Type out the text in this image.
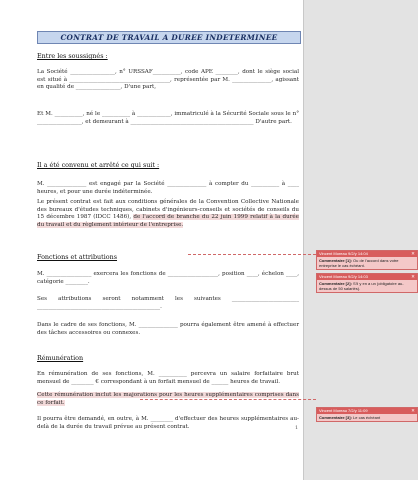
CONTRAT DE TRAVAIL A DUREE INDETERMINEE

Entre les soussignés :

La Société ________________, n° URSSAF__________, code APE ________, dont le siège social est situé à ____________________________________, représentée par M. ______________, agissant en qualité de ________________, D'une part,

Et M. __________, né le __________ à ____________, immatriculé à la Sécurité Sociale sous le n° ________________, et demeurant à ____________________________________________ D'autre part.

Il a été convenu et arrêté ce qui suit :

M. ______________ est engagé par la Société ______________ à compter du __________ à ____ heures, et pour une durée indéterminée.

Le présent contrat est fait aux conditions générales de la Convention Collective Nationale des bureaux d'études techniques, cabinets d'ingénieurs-conseils et sociétés de conseils du 15 décembre 1987 (IDCC 1486), de l'accord de branche du 22 juin 1999 relatif à la durée du travail et du règlement intérieur de l'entreprise.

Fonctions et attributions

M. ________________ exercera les fonctions de __________________, position ____, échelon ____, catégorie ________.

Ses attributions seront notamment les suivantes ________________________ ____________________________________________.

Dans le cadre de ses fonctions, M. ______________ pourra également être amené à effectuer des tâches accessoires ou connexes.

Rémunération

En rémunération de ses fonctions, M. __________ percevra un salaire forfaitaire brut mensuel de ________ € correspondant à un forfait mensuel de ______ heures de travail.

Cette rémunération inclut les majorations pour les heures supplémentaires comprises dans ce forfait.

Il pourra être demandé, en outre, à M. ________ d'effectuer des heures supplémentaires au-delà de la durée du travail prévue au présent contrat.	1
Vincent Moreau 9/2/y 14:04	✕
Commentaire [1]: Ou de l'accord dans votre entreprise le cas échéant.
Vincent Moreau 9/2/y 14:03	✕
Commentaire [2]: S'il y en a un (obligatoire au-dessus de 50 salariés).
Vincent Moreau 7/2/y 11:09	✕
Commentaire [3]: Le cas échéant
